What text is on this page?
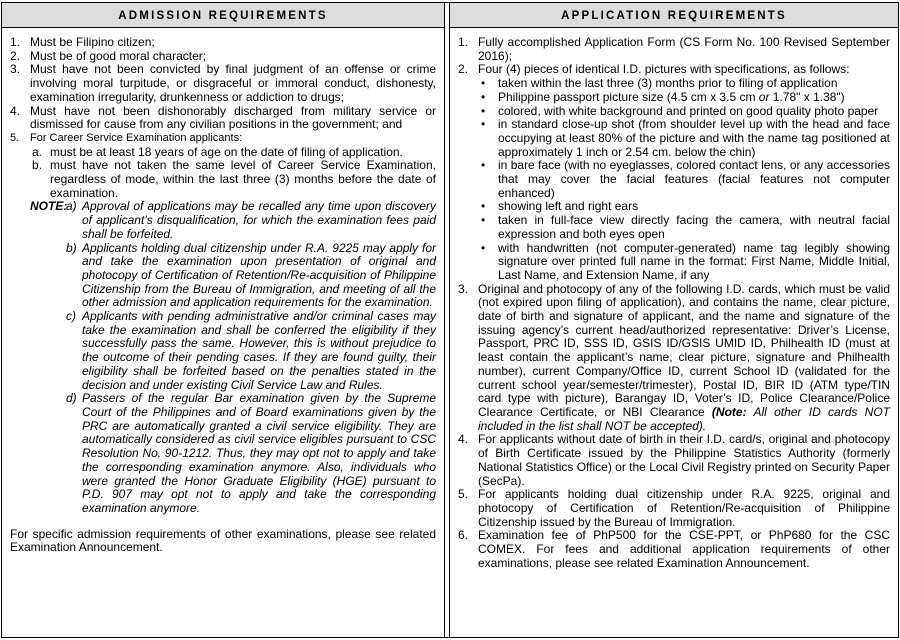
ADMISSION REQUIREMENTS
1. Must be Filipino citizen;
2. Must be of good moral character;
3. Must have not been convicted by final judgment of an offense or crime involving moral turpitude, or disgraceful or immoral conduct, dishonesty, examination irregularity, drunkenness or addiction to drugs;
4. Must have not been dishonorably discharged from military service or dismissed for cause from any civilian positions in the government; and
5. For Career Service Examination applicants:
a. must be at least 18 years of age on the date of filing of application.
b. must have not taken the same level of Career Service Examination, regardless of mode, within the last three (3) months before the date of examination.
NOTE:
a) Approval of applications may be recalled any time upon discovery of applicant’s disqualification, for which the examination fees paid shall be forfeited.
b) Applicants holding dual citizenship under R.A. 9225 may apply for and take the examination upon presentation of original and photocopy of Certification of Retention/Re-acquisition of Philippine Citizenship from the Bureau of Immigration, and meeting of all the other admission and application requirements for the examination.
c) Applicants with pending administrative and/or criminal cases may take the examination and shall be conferred the eligibility if they successfully pass the same. However, this is without prejudice to the outcome of their pending cases. If they are found guilty, their eligibility shall be forfeited based on the penalties stated in the decision and under existing Civil Service Law and Rules.
d) Passers of the regular Bar examination given by the Supreme Court of the Philippines and of Board examinations given by the PRC are automatically granted a civil service eligibility. They are automatically considered as civil service eligibles pursuant to CSC Resolution No. 90-1212. Thus, they may opt not to apply and take the corresponding examination anymore. Also, individuals who were granted the Honor Graduate Eligibility (HGE) pursuant to P.D. 907 may opt not to apply and take the corresponding examination anymore.
For specific admission requirements of other examinations, please see related Examination Announcement.
APPLICATION REQUIREMENTS
1. Fully accomplished Application Form (CS Form No. 100 Revised September 2016);
2. Four (4) pieces of identical I.D. pictures with specifications, as follows:
• taken within the last three (3) months prior to filing of application
• Philippine passport picture size (4.5 cm x 3.5 cm or 1.78" x 1.38")
• colored, with white background and printed on good quality photo paper
• in standard close-up shot (from shoulder level up with the head and face occupying at least 80% of the picture and with the name tag positioned at approximately 1 inch or 2.54 cm. below the chin)
• in bare face (with no eyeglasses, colored contact lens, or any accessories that may cover the facial features (facial features not computer enhanced)
• showing left and right ears
• taken in full-face view directly facing the camera, with neutral facial expression and both eyes open
• with handwritten (not computer-generated) name tag legibly showing signature over printed full name in the format: First Name, Middle Initial, Last Name, and Extension Name, if any
3. Original and photocopy of any of the following I.D. cards, which must be valid (not expired upon filing of application), and contains the name, clear picture, date of birth and signature of applicant, and the name and signature of the issuing agency’s current head/authorized representative: Driver’s License, Passport, PRC ID, SSS ID, GSIS ID/GSIS UMID ID, Philhealth ID (must at least contain the applicant’s name, clear picture, signature and Philhealth number), current Company/Office ID, current School ID (validated for the current school year/semester/trimester), Postal ID, BIR ID (ATM type/TIN card type with picture), Barangay ID, Voter’s ID, Police Clearance/Police Clearance Certificate, or NBI Clearance (Note: All other ID cards NOT included in the list shall NOT be accepted).
4. For applicants without date of birth in their I.D. card/s, original and photocopy of Birth Certificate issued by the Philippine Statistics Authority (formerly National Statistics Office) or the Local Civil Registry printed on Security Paper (SecPa).
5. For applicants holding dual citizenship under R.A. 9225, original and photocopy of Certification of Retention/Re-acquisition of Philippine Citizenship issued by the Bureau of Immigration.
6. Examination fee of PhP500 for the CSE-PPT, or PhP680 for the CSC COMEX. For fees and additional application requirements of other examinations, please see related Examination Announcement.
